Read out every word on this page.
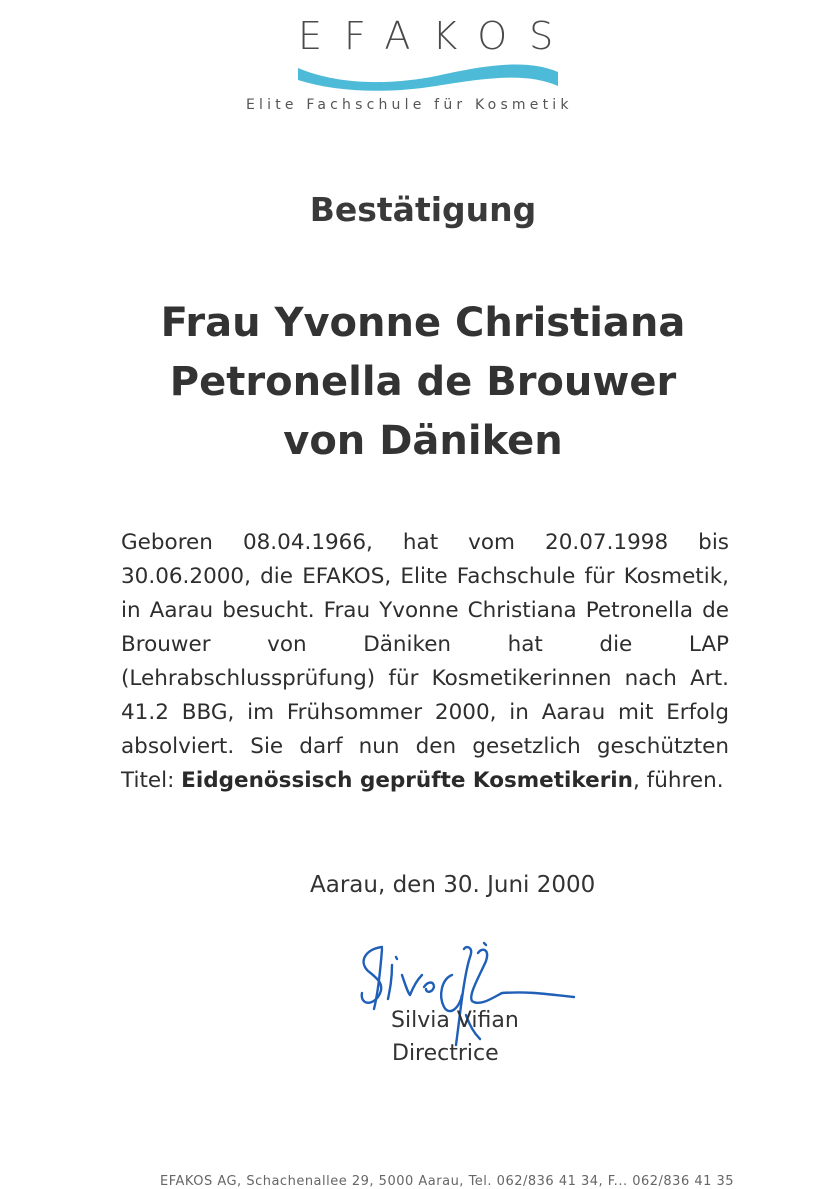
EFAKOS
Elite Fachschule für Kosmetik
Bestätigung
Frau Yvonne Christiana
Petronella de Brouwer
von Däniken
Geboren 08.04.1966, hat vom 20.07.1998 bis 30.06.2000, die EFAKOS, Elite Fachschule für Kosmetik, in Aarau besucht. Frau Yvonne Christiana Petronella de Brouwer von Däniken hat die LAP (Lehrabschlussprüfung) für Kosmetikerinnen nach Art. 41.2 BBG, im Frühsommer 2000, in Aarau mit Erfolg absolviert. Sie darf nun den gesetzlich geschützten Titel: Eidgenössisch geprüfte Kosmetikerin, führen.
Aarau, den 30. Juni 2000
Silvia Vifian
Directrice
EFAKOS AG, Schachenallee 29, 5000 Aarau, Tel. 062/836 41 34, F... 062/836 41 35
